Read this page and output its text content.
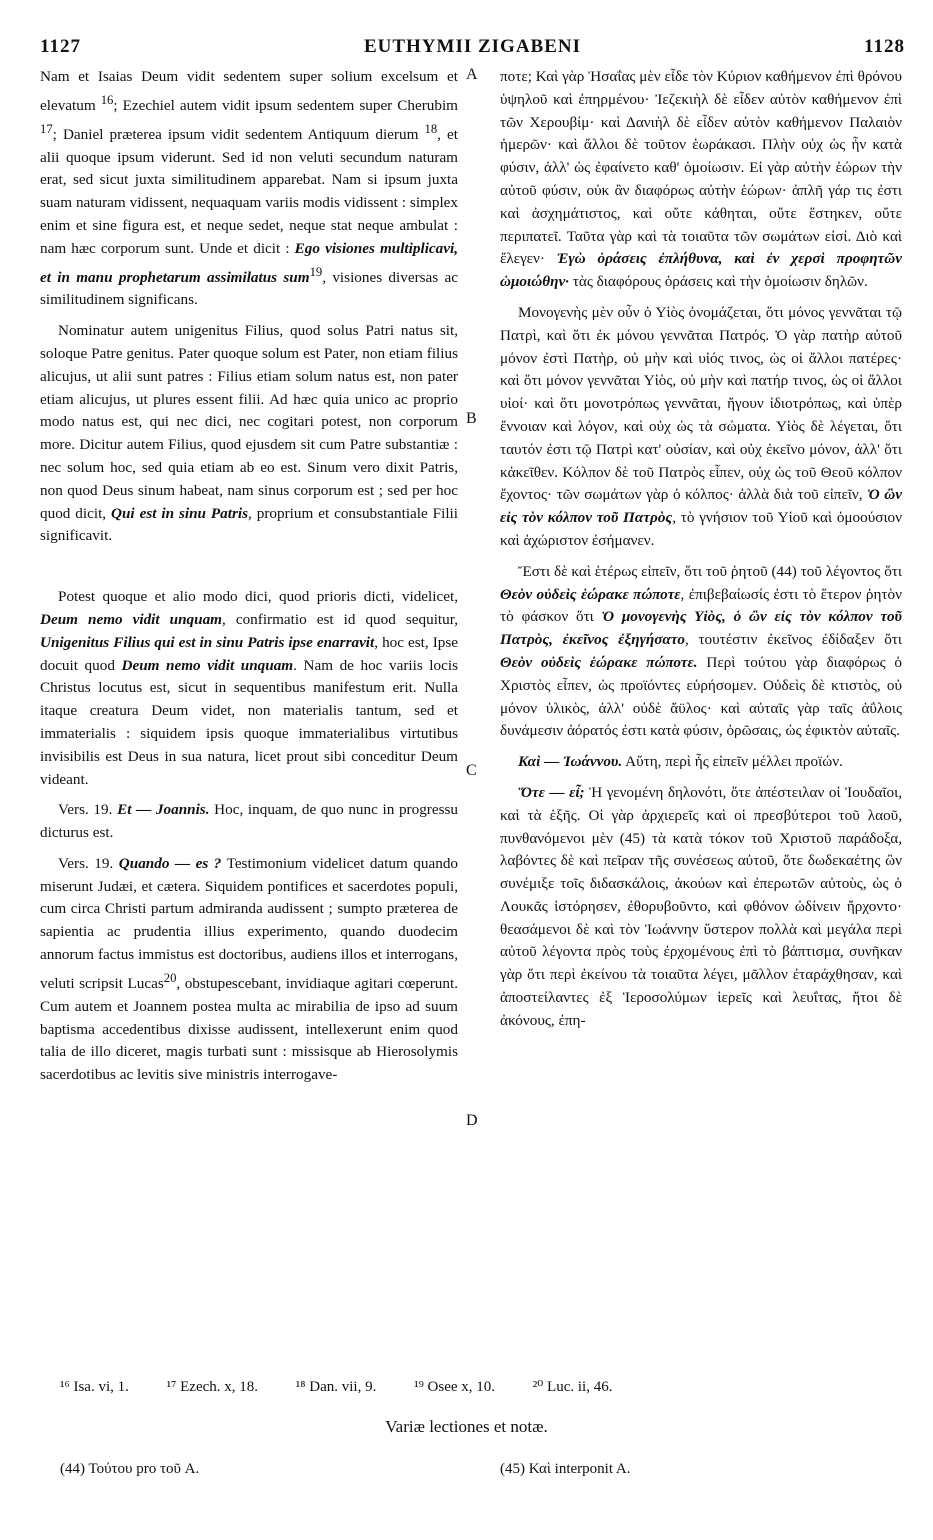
1127	EUTHYMII ZIGABENI	1128
A
B
C
D

Nam et Isaias Deum vidit sedentem super solium excelsum et elevatum $^{16}$; Ezechiel autem vidit ipsum sedentem super Cherubim $^{17}$; Daniel præterea ipsum vidit sedentem Antiquum dierum $^{18}$, et alii quoque ipsum viderunt. Sed id non veluti secundum naturam erat, sed sicut juxta similitudinem apparebat. Nam si ipsum juxta suam naturam vidissent, nequaquam variis modis vidissent : simplex enim et sine figura est, et neque sedet, neque stat neque ambulat : nam hæc corporum sunt. Unde et dicit : Ego visiones multiplicavi, et in manu prophetarum assimilatus sum$^{19}$, visiones diversas ac similitudinem significans.

Nominatur autem unigenitus Filius, quod solus Patri natus sit, soloque Patre genitus. Pater quoque solum est Pater, non etiam filius alicujus, ut alii sunt patres : Filius etiam solum natus est, non pater etiam alicujus, ut plures essent filii. Ad hæc quia unico ac proprio modo natus est, qui nec dici, nec cogitari potest, non corporum more. Dicitur autem Filius, quod ejusdem sit cum Patre substantiæ : nec solum hoc, sed quia etiam ab eo est. Sinum vero dixit Patris, non quod Deus sinum habeat, nam sinus corporum est ; sed per hoc quod dicit, Qui est in sinu Patris, proprium et consubstantiale Filii significavit.

Potest quoque et alio modo dici, quod prioris dicti, videlicet, Deum nemo vidit unquam, confirmatio est id quod sequitur, Unigenitus Filius qui est in sinu Patris ipse enarravit, hoc est, Ipse docuit quod Deum nemo vidit unquam. Nam de hoc variis locis Christus locutus est, sicut in sequentibus manifestum erit. Nulla itaque creatura Deum videt, non materialis tantum, sed et immaterialis : siquidem ipsis quoque immaterialibus virtutibus invisibilis est Deus in sua natura, licet prout sibi conceditur Deum videant.

Vers. 19. Et — Joannis. Hoc, inquam, de quo nunc in progressu dicturus est.

Vers. 19. Quando — es ? Testimonium videlicet datum quando miserunt Judæi, et cætera. Siquidem pontifices et sacerdotes populi, cum circa Christi partum admiranda audissent ; sumpto præterea de sapientia ac prudentia illius experimento, quando duodecim annorum factus immistus est doctoribus, audiens illos et interrogans, veluti scripsit Lucas$^{20}$, obstupescebant, invidiaque agitari cœperunt. Cum autem et Joannem postea multa ac mirabilia de ipso ad suum baptisma accedentibus dixisse audissent, intellexerunt enim quod talia de illo diceret, magis turbati sunt : missisque ab Hierosolymis sacerdotibus ac levitis sive ministris interrogave-

ποτε; Καὶ γὰρ Ἠσαΐας μὲν εἶδε τὸν Κύριον καθήμενον ἐπὶ θρόνου ὑψηλοῦ καὶ ἐπηρμένου· Ἰεζεκιὴλ δὲ εἶδεν αὐτὸν καθήμενον ἐπὶ τῶν Χερουβίμ· καὶ Δανιὴλ δὲ εἶδεν αὐτὸν καθήμενον Παλαιὸν ἡμερῶν· καὶ ἄλλοι δὲ τοῦτον ἑωράκασι. Πλὴν οὐχ ὡς ἦν κατὰ φύσιν, ἀλλ' ὡς ἐφαίνετο καθ' ὁμοίωσιν. Εἰ γὰρ αὐτὴν ἑώρων τὴν αὐτοῦ φύσιν, οὐκ ἂν διαφόρως αὐτὴν ἑώρων· ἁπλῆ γάρ τις ἐστι καὶ ἀσχημάτιστος, καὶ οὔτε κάθηται, οὔτε ἕστηκεν, οὔτε περιπατεῖ. Ταῦτα γὰρ καὶ τὰ τοιαῦτα τῶν σωμάτων εἰσί. Διὸ καὶ ἔλεγεν· Ἐγὼ ὁράσεις ἐπλήθυνα, καὶ ἐν χερσὶ προφητῶν ὡμοιώθην· τὰς διαφόρους ὁράσεις καὶ τὴν ὁμοίωσιν δηλῶν.

Μονογενὴς μὲν οὖν ὁ Υἱὸς ὀνομάζεται, ὅτι μόνος γεννᾶται τῷ Πατρὶ, καὶ ὅτι ἐκ μόνου γεννᾶται Πατρός. Ὁ γὰρ πατὴρ αὐτοῦ μόνον ἐστὶ Πατὴρ, οὐ μὴν καὶ υἱός τινος, ὡς οἱ ἄλλοι πατέρες· καὶ ὅτι μόνον γεννᾶται Υἱὸς, οὐ μὴν καὶ πατήρ τινος, ὡς οἱ ἄλλοι υἱοί· καὶ ὅτι μονοτρόπως γεννᾶται, ἤγουν ἰδιοτρόπως, καὶ ὑπὲρ ἔννοιαν καὶ λόγον, καὶ οὐχ ὡς τὰ σώματα. Υἱὸς δὲ λέγεται, ὅτι ταυτόν ἐστι τῷ Πατρὶ κατ' οὐσίαν, καὶ οὐχ ἐκεῖνο μόνον, ἀλλ' ὅτι κἀκεῖθεν. Κόλπον δὲ τοῦ Πατρὸς εἶπεν, οὐχ ὡς τοῦ Θεοῦ κόλπον ἔχοντος· τῶν σωμάτων γὰρ ὁ κόλπος· ἀλλὰ διὰ τοῦ εἰπεῖν, Ὁ ὢν εἰς τὸν κόλπον τοῦ Πατρὸς, τὸ γνήσιον τοῦ Υἱοῦ καὶ ὁμοούσιον καὶ ἀχώριστον ἐσήμανεν.

Ἔστι δὲ καὶ ἑτέρως εἰπεῖν, ὅτι τοῦ ῥητοῦ (44) τοῦ λέγοντος ὅτι Θεὸν οὐδεὶς ἑώρακε πώποτε, ἐπιβεβαίωσίς ἐστι τὸ ἕτερον ῥητὸν τὸ φάσκον ὅτι Ὁ μονογενὴς Υἱὸς, ὁ ὢν εἰς τὸν κόλπον τοῦ Πατρὸς, ἐκεῖνος ἐξηγήσατο, τουτέστιν ἐκεῖνος ἐδίδαξεν ὅτι Θεὸν οὐδεὶς ἑώρακε πώποτε. Περὶ τούτου γὰρ διαφόρως ὁ Χριστὸς εἶπεν, ὡς προϊόντες εὑρήσομεν. Οὐδεὶς δὲ κτιστὸς, οὐ μόνον ὑλικὸς, ἀλλ' οὐδὲ ἄϋλος· καὶ αὐταῖς γὰρ ταῖς ἀΰλοις δυνάμεσιν ἀόρατός ἐστι κατὰ φύσιν, ὁρῶσαις, ὡς ἐφικτὸν αὐταῖς.

Καὶ — Ἰωάννου. Αὕτη, περὶ ἧς εἰπεῖν μέλλει προϊών.

Ὅτε — εἶ; Ἡ γενομένη δηλονότι, ὅτε ἀπέστειλαν οἱ Ἰουδαῖοι, καὶ τὰ ἑξῆς. Οἱ γὰρ ἀρχιερεῖς καὶ οἱ πρεσβύτεροι τοῦ λαοῦ, πυνθανόμενοι μὲν (45) τὰ κατὰ τόκον τοῦ Χριστοῦ παράδοξα, λαβόντες δὲ καὶ πεῖραν τῆς συνέσεως αὐτοῦ, ὅτε δωδεκαέτης ὢν συνέμιξε τοῖς διδασκάλοις, ἀκούων καὶ ἐπερωτῶν αὐτοὺς, ὡς ὁ Λουκᾶς ἱστόρησεν, ἐθορυβοῦντο, καὶ φθόνον ὠδίνειν ἤρχοντο· θεασάμενοι δὲ καὶ τὸν Ἰωάννην ὕστερον πολλὰ καὶ μεγάλα περὶ αὐτοῦ λέγοντα πρὸς τοὺς ἐρχομένους ἐπὶ τὸ βάπτισμα, συνῆκαν γὰρ ὅτι περὶ ἐκείνου τὰ τοιαῦτα λέγει, μᾶλλον ἐταράχθησαν, καὶ ἀποστείλαντες ἐξ Ἱεροσολύμων ἱερεῖς καὶ λευΐτας, ἤτοι δὲ ἀκόνους, ἐπη-

¹⁶ Isa. vi, 1.	¹⁷ Ezech. x, 18.	¹⁸ Dan. vii, 9.	¹⁹ Osee x, 10.	²⁰ Luc. ii, 46.
Variæ lectiones et notæ.
(44) Τούτου pro τοῦ A.	(45) Καὶ interponit A.
